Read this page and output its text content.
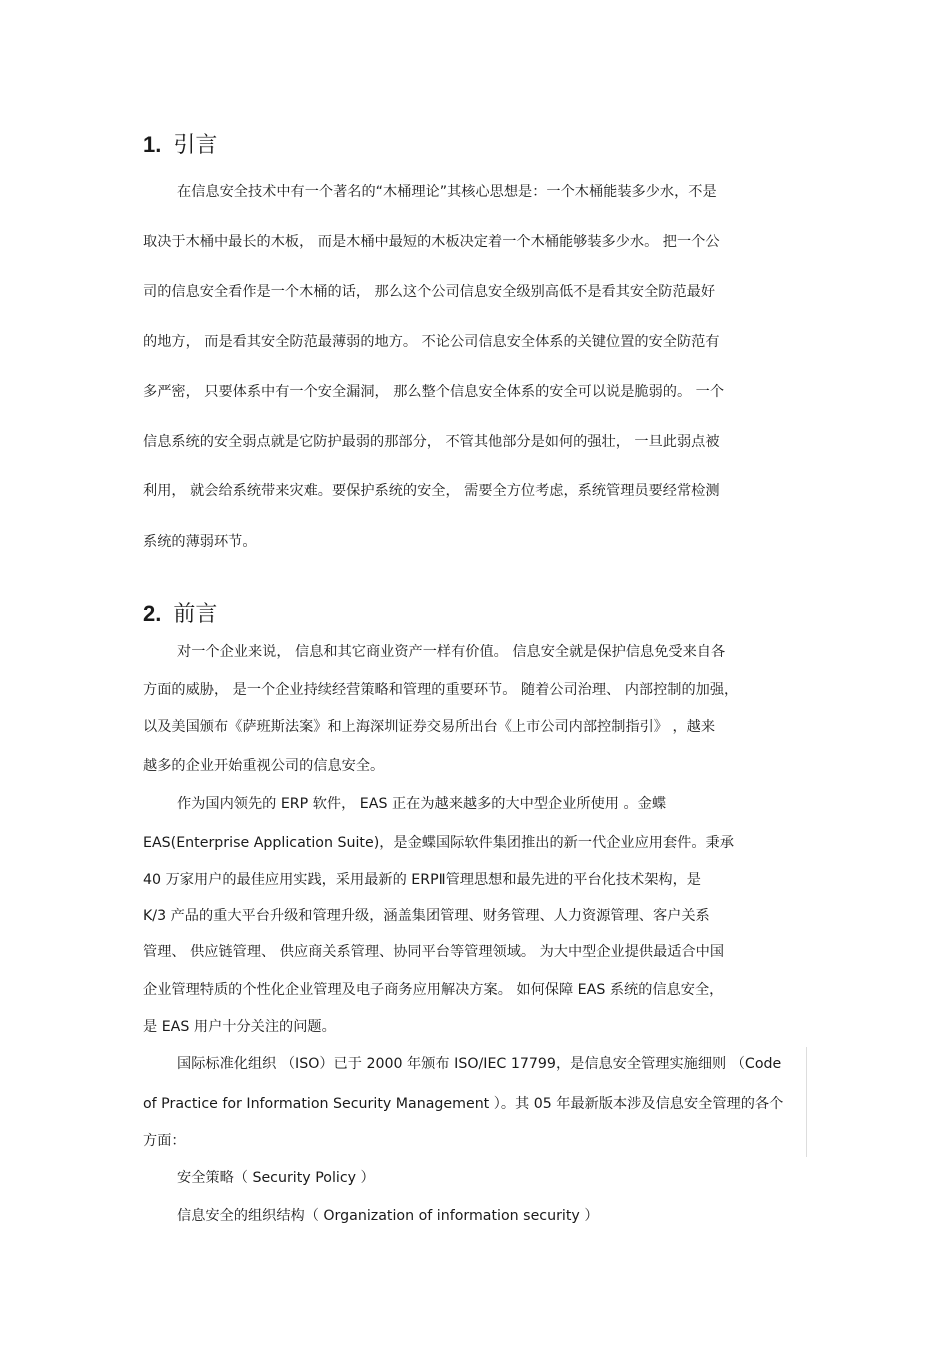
1. 引言
在信息安全技术中有一个著名的“木桶理论”其核心思想是：一个木桶能装多少水，不是
取决于木桶中最长的木板， 而是木桶中最短的木板决定着一个木桶能够装多少水。 把一个公
司的信息安全看作是一个木桶的话， 那么这个公司信息安全级别高低不是看其安全防范最好
的地方， 而是看其安全防范最薄弱的地方。 不论公司信息安全体系的关键位置的安全防范有
多严密， 只要体系中有一个安全漏洞， 那么整个信息安全体系的安全可以说是脆弱的。 一个
信息系统的安全弱点就是它防护最弱的那部分， 不管其他部分是如何的强壮， 一旦此弱点被
利用， 就会给系统带来灾难。要保护系统的安全， 需要全方位考虑，系统管理员要经常检测
系统的薄弱环节。
2. 前言
对一个企业来说， 信息和其它商业资产一样有价值。 信息安全就是保护信息免受来自各
方面的威胁， 是一个企业持续经营策略和管理的重要环节。 随着公司治理、 内部控制的加强，
以及美国颁布《萨班斯法案》和上海深圳证券交易所出台《上市公司内部控制指引》 ，越来
越多的企业开始重视公司的信息安全。
作为国内领先的 ERP 软件， EAS 正在为越来越多的大中型企业所使用 。金蝶
EAS(Enterprise Application Suite)，是金蝶国际软件集团推出的新一代企业应用套件。秉承
40 万家用户的最佳应用实践，采用最新的 ERPⅡ管理思想和最先进的平台化技术架构，是
K/3 产品的重大平台升级和管理升级，涵盖集团管理、财务管理、人力资源管理、客户关系
管理、 供应链管理、 供应商关系管理、协同平台等管理领域。 为大中型企业提供最适合中国
企业管理特质的个性化企业管理及电子商务应用解决方案。 如何保障 EAS 系统的信息安全，
是 EAS 用户十分关注的问题。
国际标准化组织 （ISO）已于 2000 年颁布 ISO/IEC 17799，是信息安全管理实施细则 （Code
of Practice for Information Security Management ）。其 05 年最新版本涉及信息安全管理的各个
方面：
安全策略（ Security Policy ）
信息安全的组织结构（ Organization of information security ）
